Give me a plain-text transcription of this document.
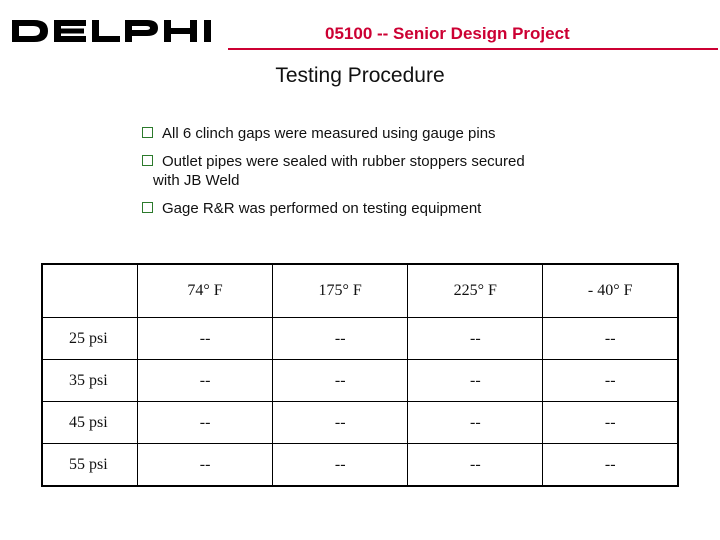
05100 -- Senior Design Project
Testing Procedure
All 6 clinch gaps were measured using gauge pins
Outlet pipes were sealed with rubber stoppers secured
with JB Weld
Gage R&R was performed on testing equipment
	74° F	175° F	225° F	- 40° F
25 psi	--	--	--	--
35 psi	--	--	--	--
45 psi	--	--	--	--
55 psi	--	--	--	--
